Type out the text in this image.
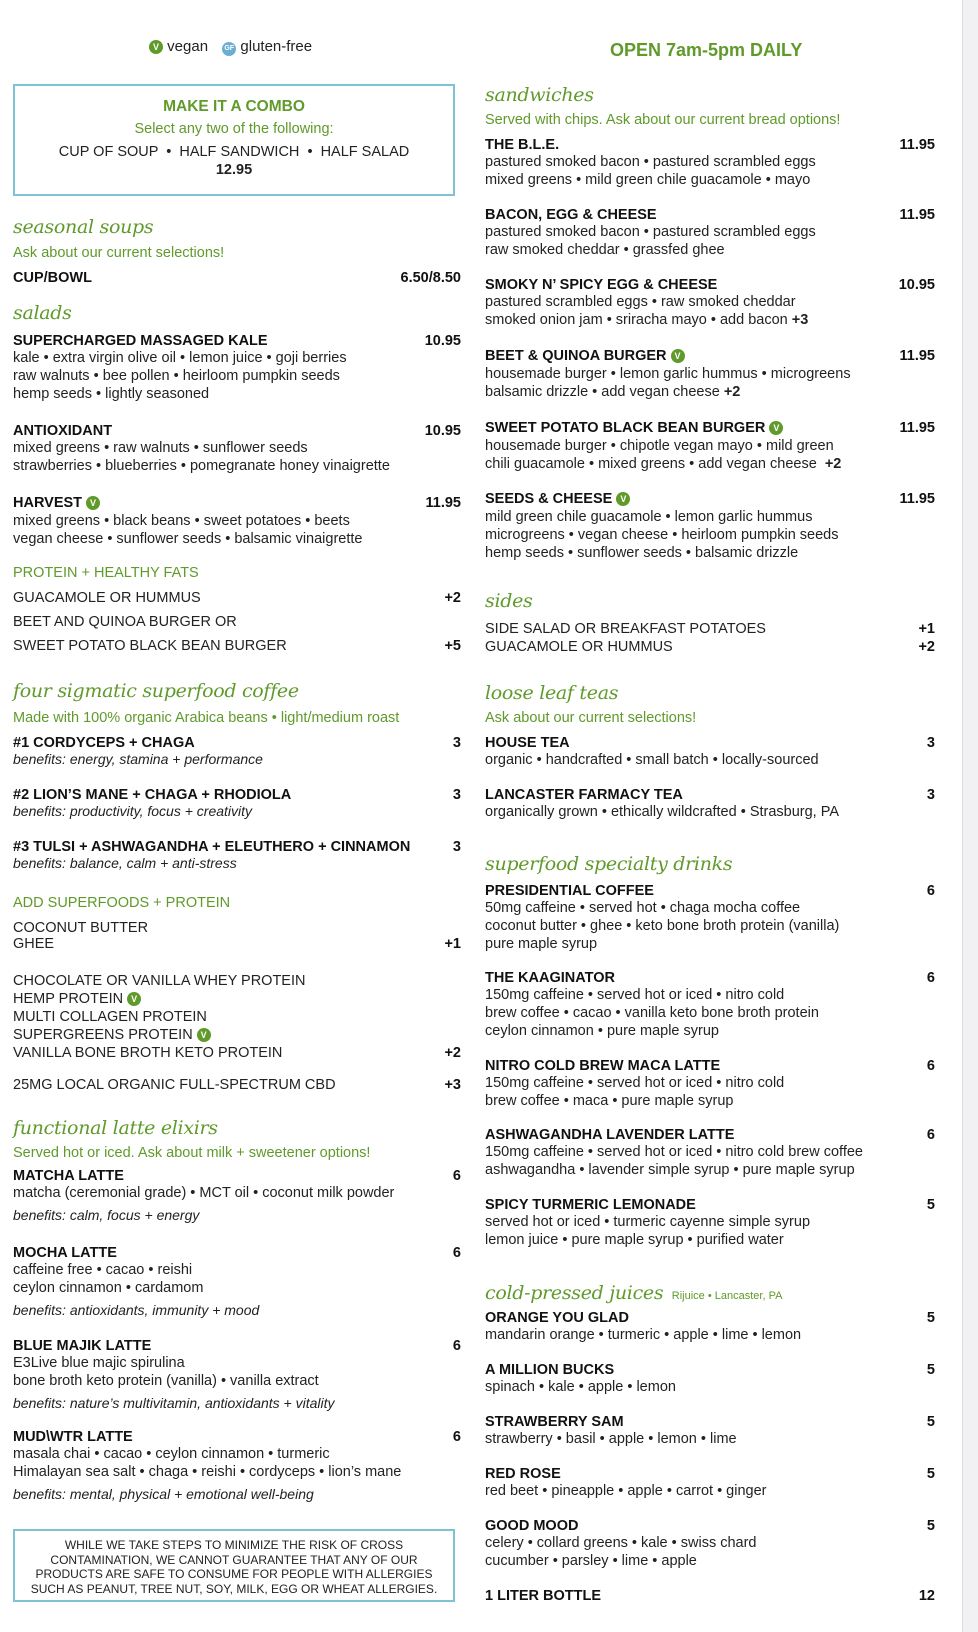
V vegan GF gluten-free
MAKE IT A COMBO
Select any two of the following:
CUP OF SOUP  •  HALF SANDWICH  •  HALF SALAD
12.95
seasonal soups
Ask about our current selections!
CUP/BOWL	6.50/8.50
salads
SUPERCHARGED MASSAGED KALE	10.95
kale • extra virgin olive oil • lemon juice • goji berries
raw walnuts • bee pollen • heirloom pumpkin seeds
hemp seeds • lightly seasoned
ANTIOXIDANT	10.95
mixed greens • raw walnuts • sunflower seeds
strawberries • blueberries • pomegranate honey vinaigrette
HARVEST V	11.95
mixed greens • black beans • sweet potatoes • beets
vegan cheese • sunflower seeds • balsamic vinaigrette
PROTEIN + HEALTHY FATS
GUACAMOLE OR HUMMUS	+2
BEET AND QUINOA BURGER OR
SWEET POTATO BLACK BEAN BURGER	+5
four sigmatic superfood coffee
Made with 100% organic Arabica beans • light/medium roast
#1 CORDYCEPS + CHAGA	3
benefits: energy, stamina + performance
#2 LION’S MANE + CHAGA + RHODIOLA	3
benefits: productivity, focus + creativity
#3 TULSI + ASHWAGANDHA + ELEUTHERO + CINNAMON	3
benefits: balance, calm + anti-stress
ADD SUPERFOODS + PROTEIN
COCONUT BUTTER
GHEE	+1
CHOCOLATE OR VANILLA WHEY PROTEIN
HEMP PROTEIN V
MULTI COLLAGEN PROTEIN
SUPERGREENS PROTEIN V
VANILLA BONE BROTH KETO PROTEIN	+2
25MG LOCAL ORGANIC FULL-SPECTRUM CBD	+3
functional latte elixirs
Served hot or iced. Ask about milk + sweetener options!
MATCHA LATTE	6
matcha (ceremonial grade) • MCT oil • coconut milk powder
benefits: calm, focus + energy
MOCHA LATTE	6
caffeine free • cacao • reishi
ceylon cinnamon • cardamom
benefits: antioxidants, immunity + mood
BLUE MAJIK LATTE	6
E3Live blue majic spirulina
bone broth keto protein (vanilla) • vanilla extract
benefits: nature’s multivitamin, antioxidants + vitality
MUD\WTR LATTE	6
masala chai • cacao • ceylon cinnamon • turmeric
Himalayan sea salt • chaga • reishi • cordyceps • lion’s mane
benefits: mental, physical + emotional well-being
WHILE WE TAKE STEPS TO MINIMIZE THE RISK OF CROSS
CONTAMINATION, WE CANNOT GUARANTEE THAT ANY OF OUR
PRODUCTS ARE SAFE TO CONSUME FOR PEOPLE WITH ALLERGIES
SUCH AS PEANUT, TREE NUT, SOY, MILK, EGG OR WHEAT ALLERGIES.
OPEN 7am-5pm DAILY
sandwiches
Served with chips. Ask about our current bread options!
THE B.L.E.	11.95
pastured smoked bacon • pastured scrambled eggs
mixed greens • mild green chile guacamole • mayo
BACON, EGG & CHEESE	11.95
pastured smoked bacon • pastured scrambled eggs
raw smoked cheddar • grassfed ghee
SMOKY N’ SPICY EGG & CHEESE	10.95
pastured scrambled eggs • raw smoked cheddar
smoked onion jam • sriracha mayo • add bacon +3
BEET & QUINOA BURGER V	11.95
housemade burger • lemon garlic hummus • microgreens
balsamic drizzle • add vegan cheese +2
SWEET POTATO BLACK BEAN BURGER V	11.95
housemade burger • chipotle vegan mayo • mild green
chili guacamole • mixed greens • add vegan cheese +2
SEEDS & CHEESE V	11.95
mild green chile guacamole • lemon garlic hummus
microgreens • vegan cheese • heirloom pumpkin seeds
hemp seeds • sunflower seeds • balsamic drizzle
sides
SIDE SALAD OR BREAKFAST POTATOES	+1
GUACAMOLE OR HUMMUS	+2
loose leaf teas
Ask about our current selections!
HOUSE TEA	3
organic • handcrafted • small batch • locally-sourced
LANCASTER FARMACY TEA	3
organically grown • ethically wildcrafted • Strasburg, PA
superfood specialty drinks
PRESIDENTIAL COFFEE	6
50mg caffeine • served hot • chaga mocha coffee
coconut butter • ghee • keto bone broth protein (vanilla)
pure maple syrup
THE KAAGINATOR	6
150mg caffeine • served hot or iced • nitro cold
brew coffee • cacao • vanilla keto bone broth protein
ceylon cinnamon • pure maple syrup
NITRO COLD BREW MACA LATTE	6
150mg caffeine • served hot or iced • nitro cold
brew coffee • maca • pure maple syrup
ASHWAGANDHA LAVENDER LATTE	6
150mg caffeine • served hot or iced • nitro cold brew coffee
ashwagandha • lavender simple syrup • pure maple syrup
SPICY TURMERIC LEMONADE	5
served hot or iced • turmeric cayenne simple syrup
lemon juice • pure maple syrup • purified water
cold-pressed juices Rijuice • Lancaster, PA
ORANGE YOU GLAD	5
mandarin orange • turmeric • apple • lime • lemon
A MILLION BUCKS	5
spinach • kale • apple • lemon
STRAWBERRY SAM	5
strawberry • basil • apple • lemon • lime
RED ROSE	5
red beet • pineapple • apple • carrot • ginger
GOOD MOOD	5
celery • collard greens • kale • swiss chard
cucumber • parsley • lime • apple
1 LITER BOTTLE	12
